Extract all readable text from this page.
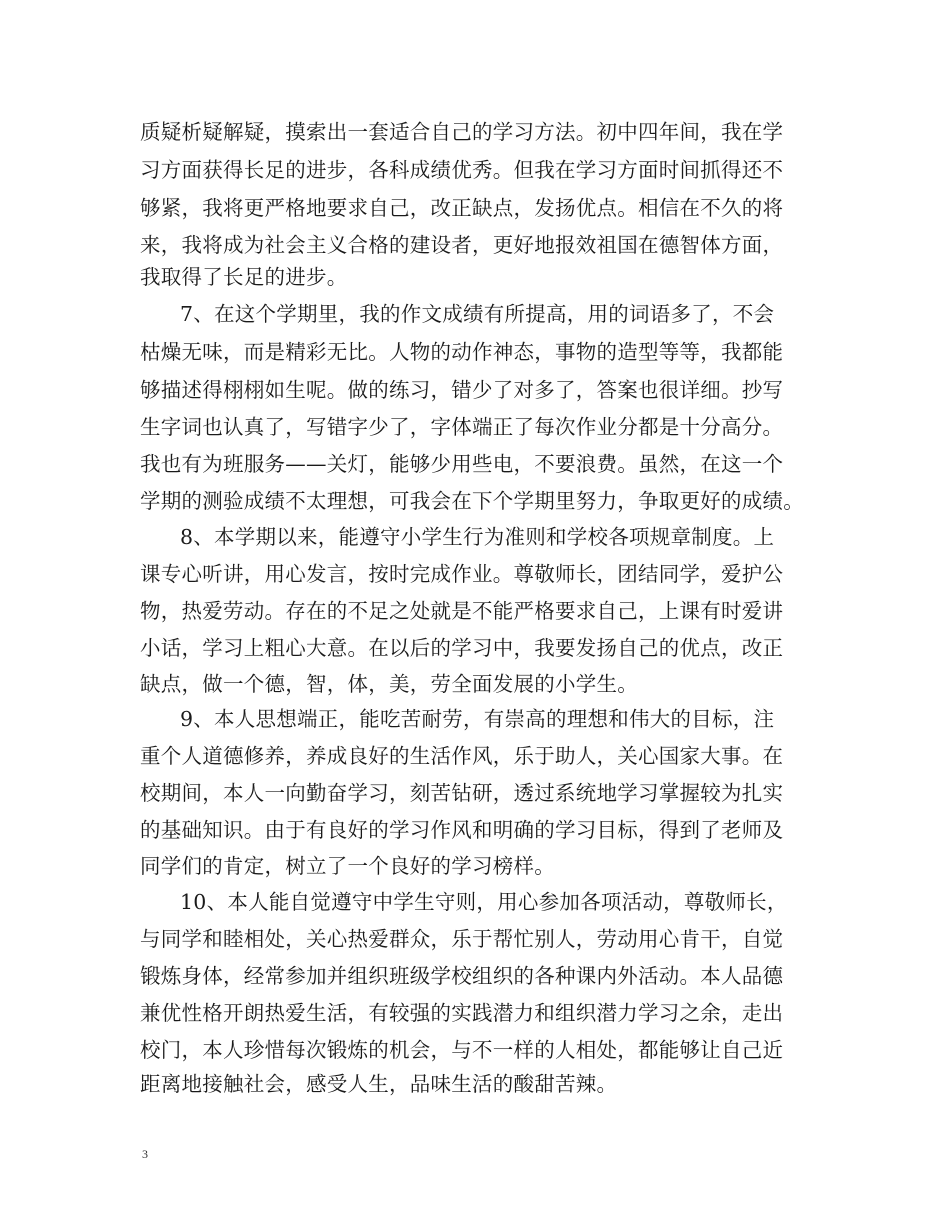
质疑析疑解疑，摸索出一套适合自己的学习方法。初中四年间，我在学
习方面获得长足的进步，各科成绩优秀。但我在学习方面时间抓得还不
够紧，我将更严格地要求自己，改正缺点，发扬优点。相信在不久的将
来，我将成为社会主义合格的建设者，更好地报效祖国在德智体方面，
我取得了长足的进步。
7、在这个学期里，我的作文成绩有所提高，用的词语多了，不会
枯燥无味，而是精彩无比。人物的动作神态，事物的造型等等，我都能
够描述得栩栩如生呢。做的练习，错少了对多了，答案也很详细。抄写
生字词也认真了，写错字少了，字体端正了每次作业分都是十分高分。
我也有为班服务——关灯，能够少用些电，不要浪费。虽然，在这一个
学期的测验成绩不太理想，可我会在下个学期里努力，争取更好的成绩。
8、本学期以来，能遵守小学生行为准则和学校各项规章制度。上
课专心听讲，用心发言，按时完成作业。尊敬师长，团结同学，爱护公
物，热爱劳动。存在的不足之处就是不能严格要求自己，上课有时爱讲
小话，学习上粗心大意。在以后的学习中，我要发扬自己的优点，改正
缺点，做一个德，智，体，美，劳全面发展的小学生。
9、本人思想端正，能吃苦耐劳，有崇高的理想和伟大的目标，注
重个人道德修养，养成良好的生活作风，乐于助人，关心国家大事。在
校期间，本人一向勤奋学习，刻苦钻研，透过系统地学习掌握较为扎实
的基础知识。由于有良好的学习作风和明确的学习目标，得到了老师及
同学们的肯定，树立了一个良好的学习榜样。
10、本人能自觉遵守中学生守则，用心参加各项活动，尊敬师长，
与同学和睦相处，关心热爱群众，乐于帮忙别人，劳动用心肯干，自觉
锻炼身体，经常参加并组织班级学校组织的各种课内外活动。本人品德
兼优性格开朗热爱生活，有较强的实践潜力和组织潜力学习之余，走出
校门，本人珍惜每次锻炼的机会，与不一样的人相处，都能够让自己近
距离地接触社会，感受人生，品味生活的酸甜苦辣。
3
